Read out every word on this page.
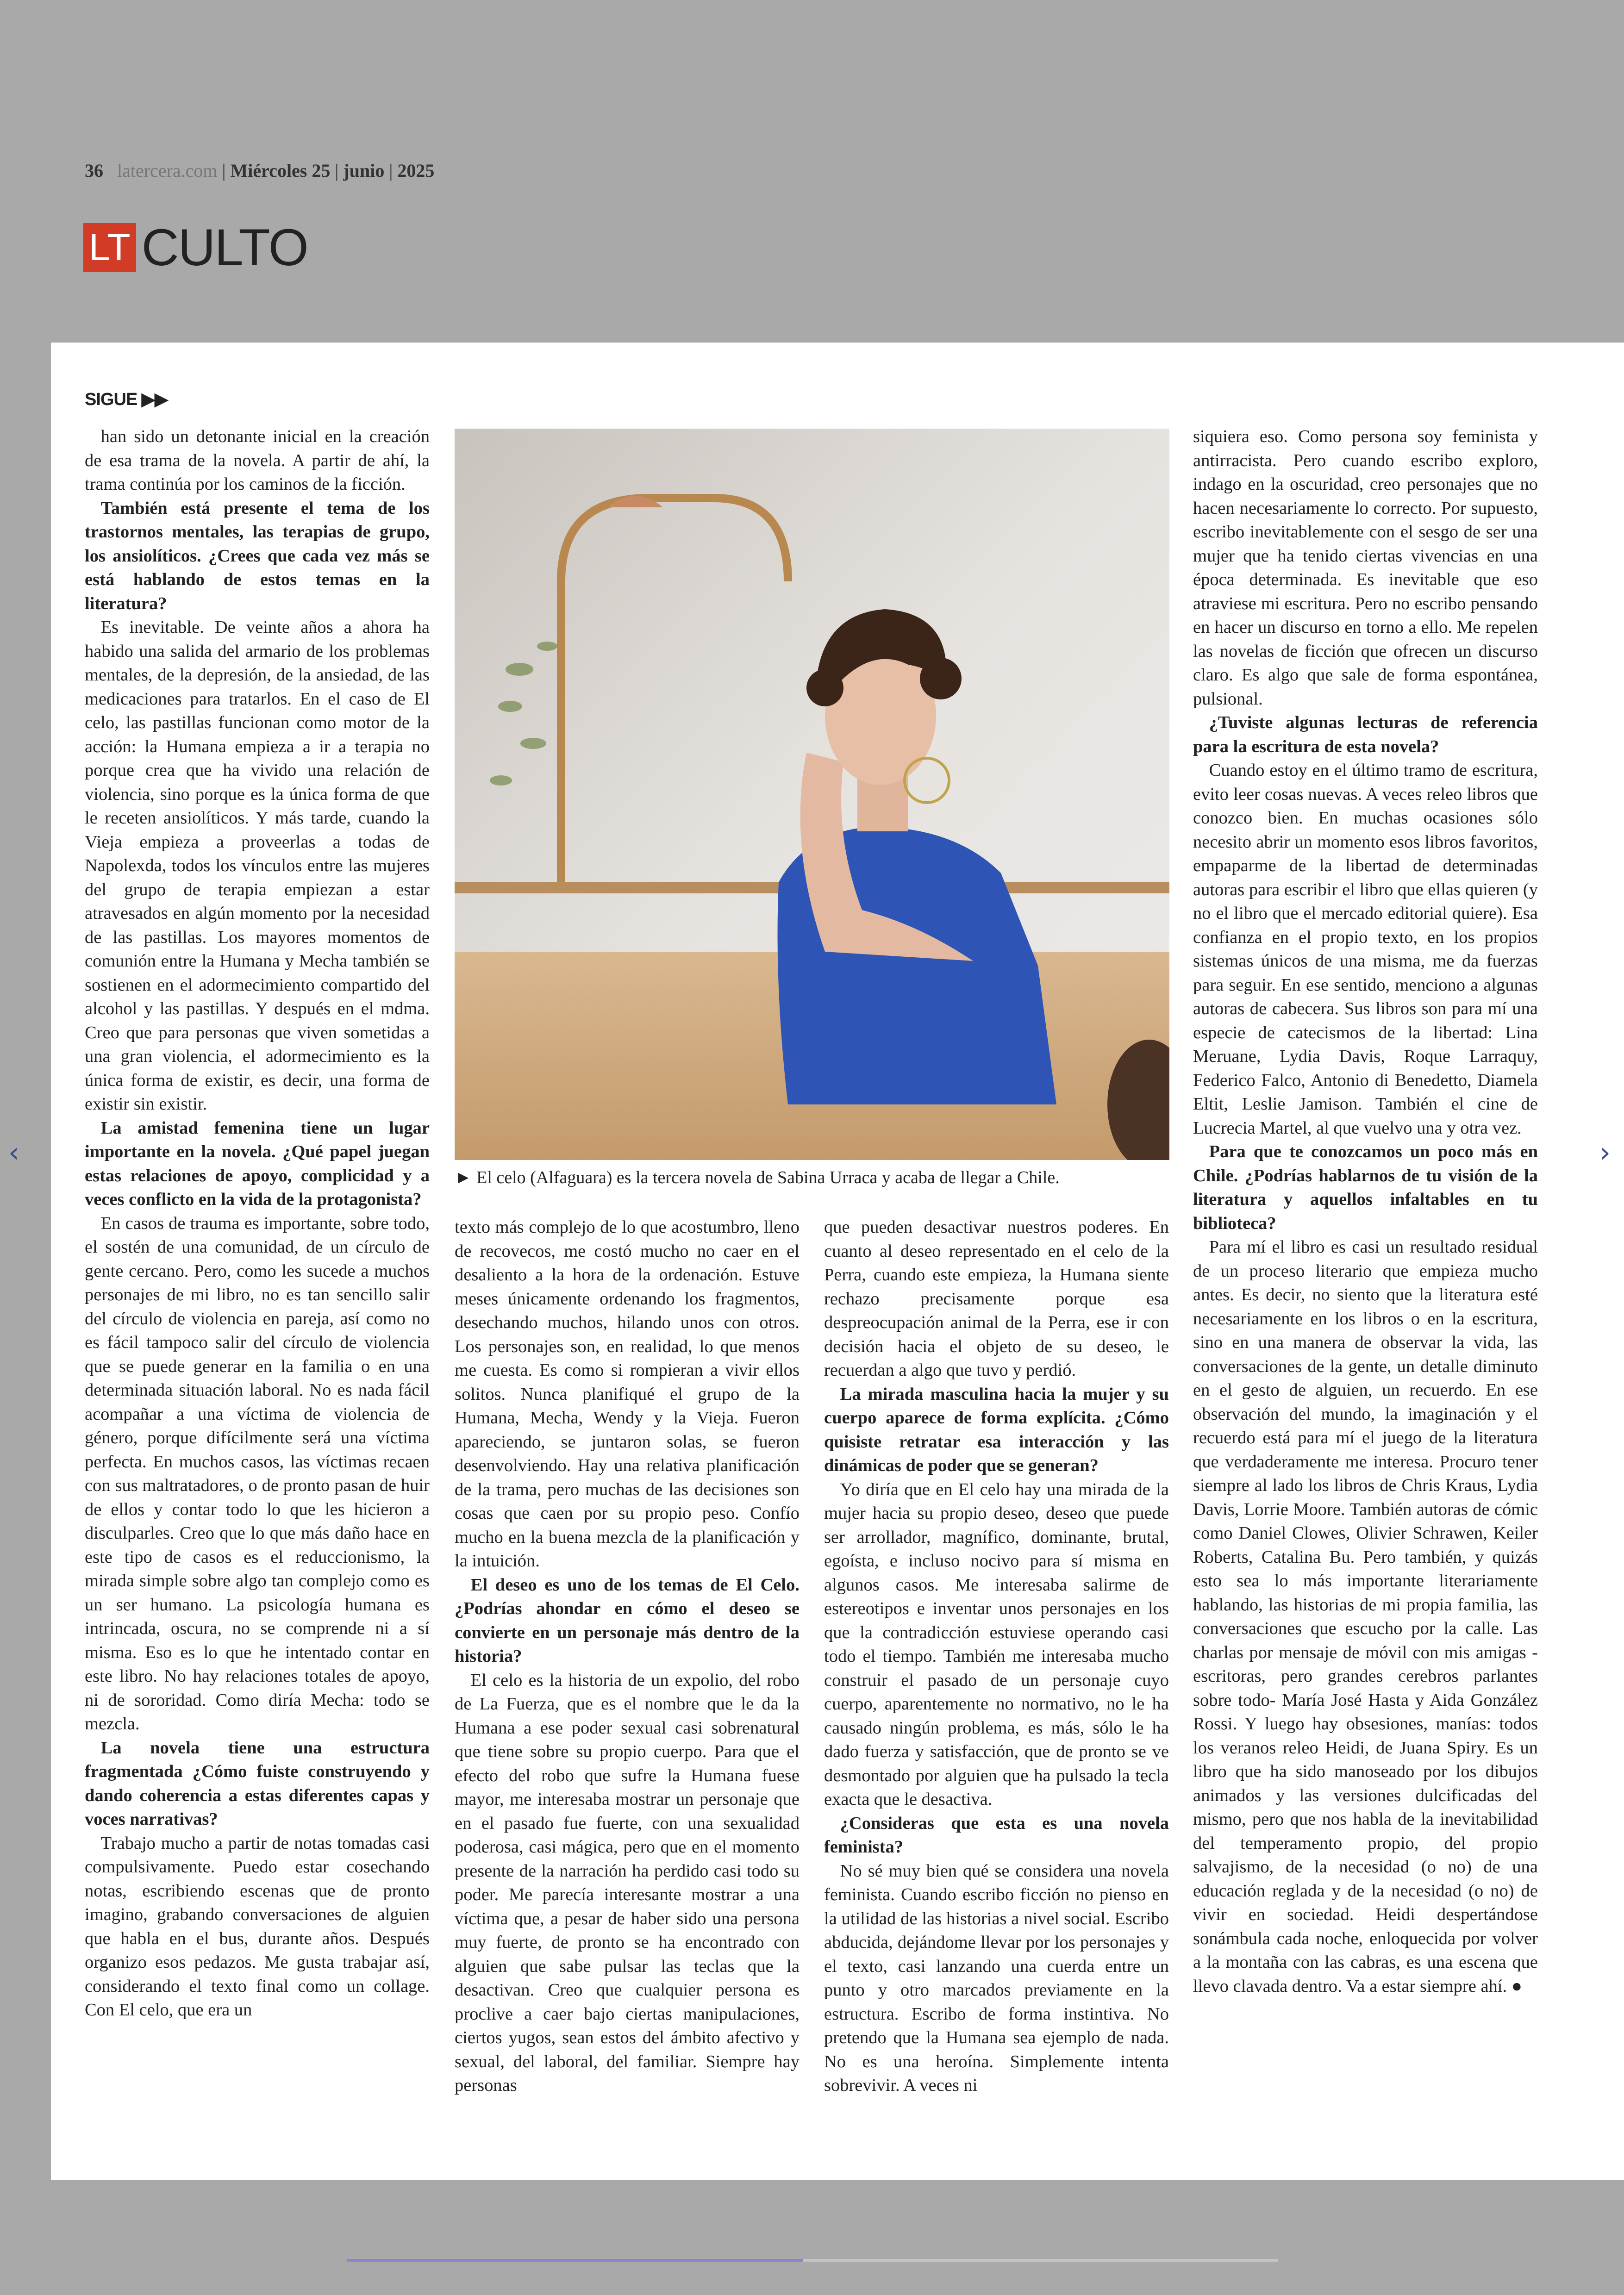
36 latercera.com | Miércoles 25 | junio | 2025
LT CULTO
SIGUE ▶▶

han sido un detonante inicial en la creación de esa trama de la novela. A partir de ahí, la trama continúa por los caminos de la ficción.

También está presente el tema de los trastornos mentales, las terapias de grupo, los ansiolíticos. ¿Crees que cada vez más se está hablando de estos temas en la literatura?

Es inevitable. De veinte años a ahora ha habido una salida del armario de los problemas mentales, de la depresión, de la ansiedad, de las medicaciones para tratarlos. En el caso de El celo, las pastillas funcionan como motor de la acción: la Humana empieza a ir a terapia no porque crea que ha vivido una relación de violencia, sino porque es la única forma de que le receten ansiolíticos. Y más tarde, cuando la Vieja empieza a proveerlas a todas de Napolexda, todos los vínculos entre las mujeres del grupo de terapia empiezan a estar atravesados en algún momento por la necesidad de las pastillas. Los mayores momentos de comunión entre la Humana y Mecha también se sostienen en el adormecimiento compartido del alcohol y las pastillas. Y después en el mdma. Creo que para personas que viven sometidas a una gran violencia, el adormecimiento es la única forma de existir, es decir, una forma de existir sin existir.

La amistad femenina tiene un lugar importante en la novela. ¿Qué papel juegan estas relaciones de apoyo, complicidad y a veces conflicto en la vida de la protagonista?

En casos de trauma es importante, sobre todo, el sostén de una comunidad, de un círculo de gente cercano. Pero, como les sucede a muchos personajes de mi libro, no es tan sencillo salir del círculo de violencia en pareja, así como no es fácil tampoco salir del círculo de violencia que se puede generar en la familia o en una determinada situación laboral. No es nada fácil acompañar a una víctima de violencia de género, porque difícilmente será una víctima perfecta. En muchos casos, las víctimas recaen con sus maltratadores, o de pronto pasan de huir de ellos y contar todo lo que les hicieron a disculparles. Creo que lo que más daño hace en este tipo de casos es el reduccionismo, la mirada simple sobre algo tan complejo como es un ser humano. La psicología humana es intrincada, oscura, no se comprende ni a sí misma. Eso es lo que he intentado contar en este libro. No hay relaciones totales de apoyo, ni de sororidad. Como diría Mecha: todo se mezcla.

La novela tiene una estructura fragmentada ¿Cómo fuiste construyendo y dando coherencia a estas diferentes capas y voces narrativas?

Trabajo mucho a partir de notas tomadas casi compulsivamente. Puedo estar cosechando notas, escribiendo escenas que de pronto imagino, grabando conversaciones de alguien que habla en el bus, durante años. Después organizo esos pedazos. Me gusta trabajar así, considerando el texto final como un collage. Con El celo, que era un

► El celo (Alfaguara) es la tercera novela de Sabina Urraca y acaba de llegar a Chile.

texto más complejo de lo que acostumbro, lleno de recovecos, me costó mucho no caer en el desaliento a la hora de la ordenación. Estuve meses únicamente ordenando los fragmentos, desechando muchos, hilando unos con otros. Los personajes son, en realidad, lo que menos me cuesta. Es como si rompieran a vivir ellos solitos. Nunca planifiqué el grupo de la Humana, Mecha, Wendy y la Vieja. Fueron apareciendo, se juntaron solas, se fueron desenvolviendo. Hay una relativa planificación de la trama, pero muchas de las decisiones son cosas que caen por su propio peso. Confío mucho en la buena mezcla de la planificación y la intuición.

El deseo es uno de los temas de El Celo. ¿Podrías ahondar en cómo el deseo se convierte en un personaje más dentro de la historia?

El celo es la historia de un expolio, del robo de La Fuerza, que es el nombre que le da la Humana a ese poder sexual casi sobrenatural que tiene sobre su propio cuerpo. Para que el efecto del robo que sufre la Humana fuese mayor, me interesaba mostrar un personaje que en el pasado fue fuerte, con una sexualidad poderosa, casi mágica, pero que en el momento presente de la narración ha perdido casi todo su poder. Me parecía interesante mostrar a una víctima que, a pesar de haber sido una persona muy fuerte, de pronto se ha encontrado con alguien que sabe pulsar las teclas que la desactivan. Creo que cualquier persona es proclive a caer bajo ciertas manipulaciones, ciertos yugos, sean estos del ámbito afectivo y sexual, del laboral, del familiar. Siempre hay personas

que pueden desactivar nuestros poderes. En cuanto al deseo representado en el celo de la Perra, cuando este empieza, la Humana siente rechazo precisamente porque esa despreocupación animal de la Perra, ese ir con decisión hacia el objeto de su deseo, le recuerdan a algo que tuvo y perdió.

La mirada masculina hacia la mujer y su cuerpo aparece de forma explícita. ¿Cómo quisiste retratar esa interacción y las dinámicas de poder que se generan?

Yo diría que en El celo hay una mirada de la mujer hacia su propio deseo, deseo que puede ser arrollador, magnífico, dominante, brutal, egoísta, e incluso nocivo para sí misma en algunos casos. Me interesaba salirme de estereotipos e inventar unos personajes en los que la contradicción estuviese operando casi todo el tiempo. También me interesaba mucho construir el pasado de un personaje cuyo cuerpo, aparentemente no normativo, no le ha causado ningún problema, es más, sólo le ha dado fuerza y satisfacción, que de pronto se ve desmontado por alguien que ha pulsado la tecla exacta que le desactiva.

¿Consideras que esta es una novela feminista?

No sé muy bien qué se considera una novela feminista. Cuando escribo ficción no pienso en la utilidad de las historias a nivel social. Escribo abducida, dejándome llevar por los personajes y el texto, casi lanzando una cuerda entre un punto y otro marcados previamente en la estructura. Escribo de forma instintiva. No pretendo que la Humana sea ejemplo de nada. No es una heroína. Simplemente intenta sobrevivir. A veces ni

siquiera eso. Como persona soy feminista y antirracista. Pero cuando escribo exploro, indago en la oscuridad, creo personajes que no hacen necesariamente lo correcto. Por supuesto, escribo inevitablemente con el sesgo de ser una mujer que ha tenido ciertas vivencias en una época determinada. Es inevitable que eso atraviese mi escritura. Pero no escribo pensando en hacer un discurso en torno a ello. Me repelen las novelas de ficción que ofrecen un discurso claro. Es algo que sale de forma espontánea, pulsional.

¿Tuviste algunas lecturas de referencia para la escritura de esta novela?

Cuando estoy en el último tramo de escritura, evito leer cosas nuevas. A veces releo libros que conozco bien. En muchas ocasiones sólo necesito abrir un momento esos libros favoritos, empaparme de la libertad de determinadas autoras para escribir el libro que ellas quieren (y no el libro que el mercado editorial quiere). Esa confianza en el propio texto, en los propios sistemas únicos de una misma, me da fuerzas para seguir. En ese sentido, menciono a algunas autoras de cabecera. Sus libros son para mí una especie de catecismos de la libertad: Lina Meruane, Lydia Davis, Roque Larraquy, Federico Falco, Antonio di Benedetto, Diamela Eltit, Leslie Jamison. También el cine de Lucrecia Martel, al que vuelvo una y otra vez.

Para que te conozcamos un poco más en Chile. ¿Podrías hablarnos de tu visión de la literatura y aquellos infaltables en tu biblioteca?

Para mí el libro es casi un resultado residual de un proceso literario que empieza mucho antes. Es decir, no siento que la literatura esté necesariamente en los libros o en la escritura, sino en una manera de observar la vida, las conversaciones de la gente, un detalle diminuto en el gesto de alguien, un recuerdo. En ese observación del mundo, la imaginación y el recuerdo está para mí el juego de la literatura que verdaderamente me interesa. Procuro tener siempre al lado los libros de Chris Kraus, Lydia Davis, Lorrie Moore. También autoras de cómic como Daniel Clowes, Olivier Schrawen, Keiler Roberts, Catalina Bu. Pero también, y quizás esto sea lo más importante literariamente hablando, las historias de mi propia familia, las conversaciones que escucho por la calle. Las charlas por mensaje de móvil con mis amigas -escritoras, pero grandes cerebros parlantes sobre todo- María José Hasta y Aida González Rossi. Y luego hay obsesiones, manías: todos los veranos releo Heidi, de Juana Spiry. Es un libro que ha sido manoseado por los dibujos animados y las versiones dulcificadas del mismo, pero que nos habla de la inevitabilidad del temperamento propio, del propio salvajismo, de la necesidad (o no) de una educación reglada y de la necesidad (o no) de vivir en sociedad. Heidi despertándose sonámbula cada noche, enloquecida por volver a la montaña con las cabras, es una escena que llevo clavada dentro. Va a estar siempre ahí. ●

‹	›
